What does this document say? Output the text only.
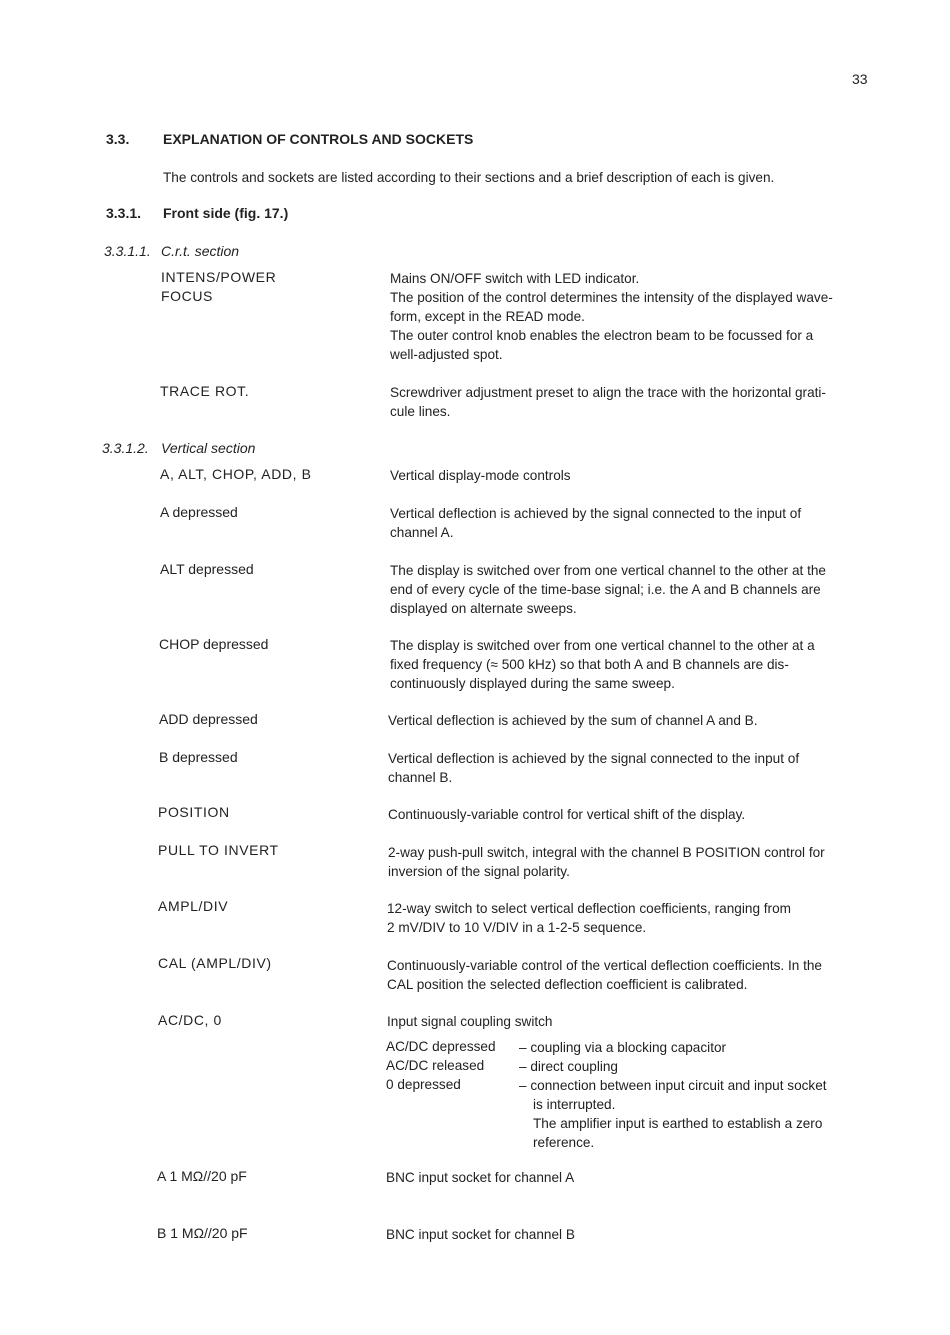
33
3.3. EXPLANATION OF CONTROLS AND SOCKETS
The controls and sockets are listed according to their sections and a brief description of each is given.
3.3.1. Front side (fig. 17.)
3.3.1.1. C.r.t. section
INTENS/POWER	Mains ON/OFF switch with LED indicator.
FOCUS	The position of the control determines the intensity of the displayed wave-
form, except in the READ mode.
The outer control knob enables the electron beam to be focussed for a
well-adjusted spot.
TRACE ROT.	Screwdriver adjustment preset to align the trace with the horizontal grati-
cule lines.
3.3.1.2. Vertical section
A, ALT, CHOP, ADD, B	Vertical display-mode controls
A depressed	Vertical deflection is achieved by the signal connected to the input of
channel A.
ALT depressed	The display is switched over from one vertical channel to the other at the
end of every cycle of the time-base signal; i.e. the A and B channels are
displayed on alternate sweeps.
CHOP depressed	The display is switched over from one vertical channel to the other at a
fixed frequency (≈ 500 kHz) so that both A and B channels are dis-
continuously displayed during the same sweep.
ADD depressed	Vertical deflection is achieved by the sum of channel A and B.
B depressed	Vertical deflection is achieved by the signal connected to the input of
channel B.
POSITION	Continuously-variable control for vertical shift of the display.
PULL TO INVERT	2-way push-pull switch, integral with the channel B POSITION control for
inversion of the signal polarity.
AMPL/DIV	12-way switch to select vertical deflection coefficients, ranging from
2 mV/DIV to 10 V/DIV in a 1-2-5 sequence.
CAL (AMPL/DIV)	Continuously-variable control of the vertical deflection coefficients. In the
CAL position the selected deflection coefficient is calibrated.
AC/DC, 0	Input signal coupling switch
AC/DC depressed – coupling via a blocking capacitor
AC/DC released	– direct coupling
0 depressed	– connection between input circuit and input socket
is interrupted.
The amplifier input is earthed to establish a zero
reference.
A 1 MΩ//20 pF	BNC input socket for channel A
B 1 MΩ//20 pF	BNC input socket for channel B
